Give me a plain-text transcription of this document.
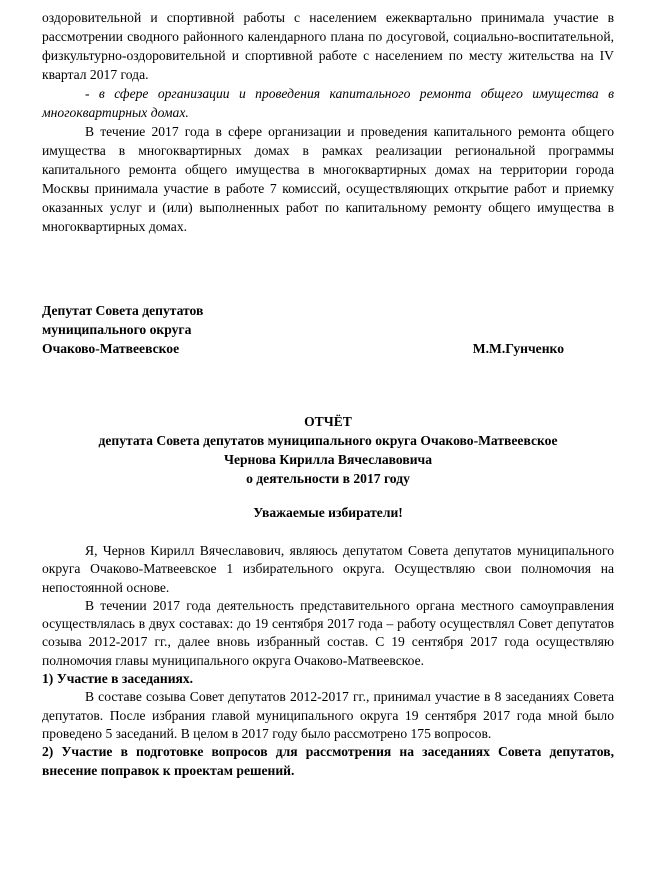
оздоровительной и спортивной работы с населением ежеквартально принимала участие в рассмотрении сводного районного календарного плана по досуговой, социально-воспитательной, физкультурно-оздоровительной и спортивной работе с населением по месту жительства на IV квартал 2017 года.

- в сфере организации и проведения капитального ремонта общего имущества в многоквартирных домах.

В течение 2017 года в сфере организации и проведения капитального ремонта общего имущества в многоквартирных домах в рамках реализации региональной программы капитального ремонта общего имущества в многоквартирных домах на территории города Москвы принимала участие в работе 7 комиссий, осуществляющих открытие работ и приемку оказанных услуг и (или) выполненных работ по капитальному ремонту общего имущества в многоквартирных домах.

Депутат Совета депутатов
муниципального округа
Очаково-Матвеевское	М.М.Гунченко
ОТЧЁТ
депутата Совета депутатов муниципального округа Очаково-Матвеевское
Чернова Кирилла Вячеславовича
о деятельности в 2017 году
Уважаемые избиратели!

Я, Чернов Кирилл Вячеславович, являюсь депутатом Совета депутатов муниципального округа Очаково-Матвеевское 1 избирательного округа. Осуществляю свои полномочия на непостоянной основе.

В течении 2017 года деятельность представительного органа местного самоуправления осуществлялась в двух составах: до 19 сентября 2017 года – работу осуществлял Совет депутатов созыва 2012-2017 гг., далее вновь избранный состав. С 19 сентября 2017 года осуществляю полномочия главы муниципального округа Очаково-Матвеевское.

1) Участие в заседаниях.

В составе созыва Совет депутатов 2012-2017 гг., принимал участие в 8 заседаниях Совета депутатов. После избрания главой муниципального округа 19 сентября 2017 года мной было проведено 5 заседаний. В целом в 2017 году было рассмотрено 175 вопросов.

2) Участие в подготовке вопросов для рассмотрения на заседаниях Совета депутатов, внесение поправок к проектам решений.
